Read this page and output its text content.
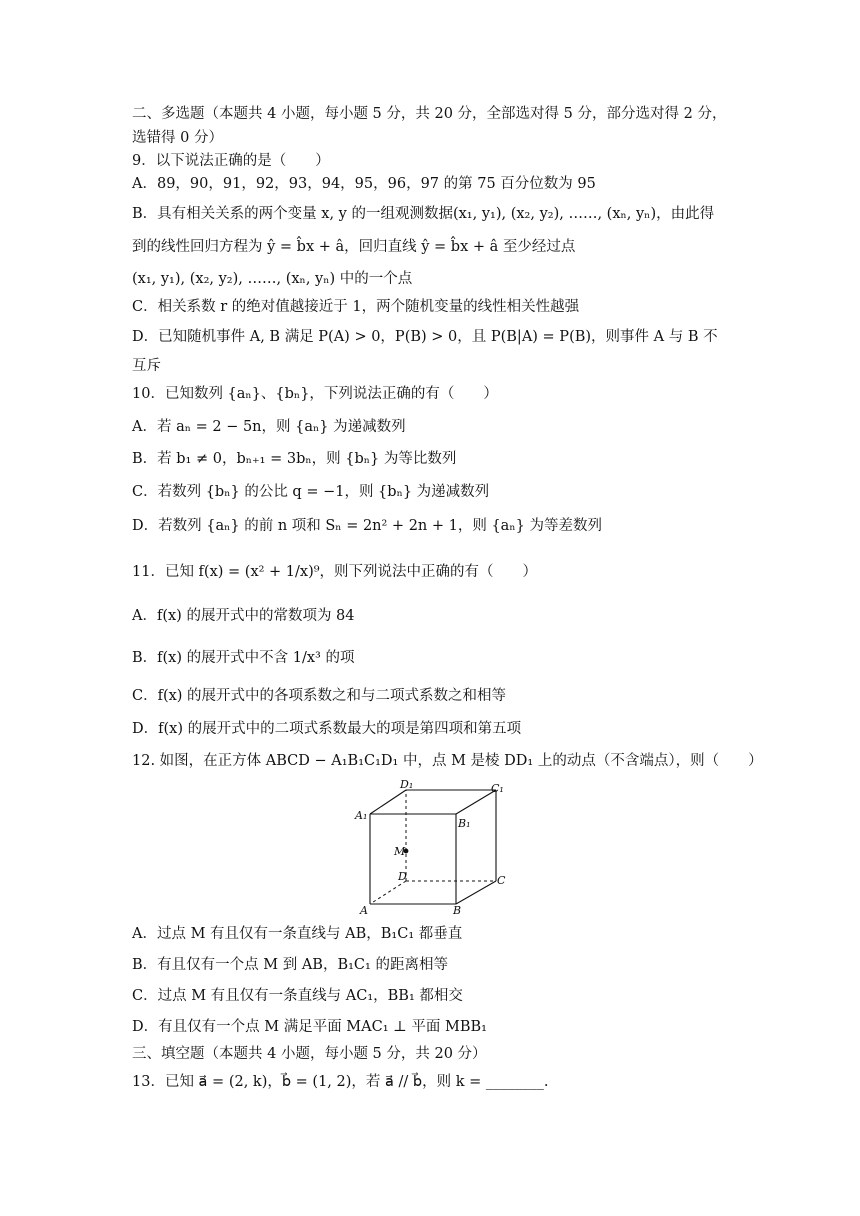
二、多选题（本题共 4 小题，每小题 5 分，共 20 分，全部选对得 5 分，部分选对得 2 分，
选错得 0 分）
9．以下说法正确的是（　　）
A．89，90，91，92，93，94，95，96，97 的第 75 百分位数为 95
B．具有相关关系的两个变量 x, y 的一组观测数据(x₁, y₁), (x₂, y₂), ……, (xₙ, yₙ)，由此得
到的线性回归方程为 ŷ = b̂x + â，回归直线 ŷ = b̂x + â 至少经过点
(x₁, y₁), (x₂, y₂), ……, (xₙ, yₙ) 中的一个点
C．相关系数 r 的绝对值越接近于 1，两个随机变量的线性相关性越强
D．已知随机事件 A, B 满足 P(A) > 0，P(B) > 0，且 P(B|A) = P(B)，则事件 A 与 B 不
互斥
10．已知数列 {aₙ}、{bₙ}，下列说法正确的有（　　）
A．若 aₙ = 2 − 5n，则 {aₙ} 为递减数列
B．若 b₁ ≠ 0，bₙ₊₁ = 3bₙ，则 {bₙ} 为等比数列
C．若数列 {bₙ} 的公比 q = −1，则 {bₙ} 为递减数列
D．若数列 {aₙ} 的前 n 项和 Sₙ = 2n² + 2n + 1，则 {aₙ} 为等差数列
11．已知 f(x) = (x² + 1/x)⁹，则下列说法中正确的有（　　）
A．f(x) 的展开式中的常数项为 84
B．f(x) 的展开式中不含 1/x³ 的项
C．f(x) 的展开式中的各项系数之和与二项式系数之和相等
D．f(x) 的展开式中的二项式系数最大的项是第四项和第五项
12. 如图，在正方体 ABCD − A₁B₁C₁D₁ 中，点 M 是棱 DD₁ 上的动点（不含端点），则（　　）
D₁	C₁
A₁
B₁
M
D	C
A	B
A．过点 M 有且仅有一条直线与 AB，B₁C₁ 都垂直
B．有且仅有一个点 M 到 AB，B₁C₁ 的距离相等
C．过点 M 有且仅有一条直线与 AC₁，BB₁ 都相交
D．有且仅有一个点 M 满足平面 MAC₁ ⊥ 平面 MBB₁
三、填空题（本题共 4 小题，每小题 5 分，共 20 分）
13．已知 a⃗ = (2, k)，b⃗ = (1, 2)，若 a⃗ // b⃗，则 k = ________.
